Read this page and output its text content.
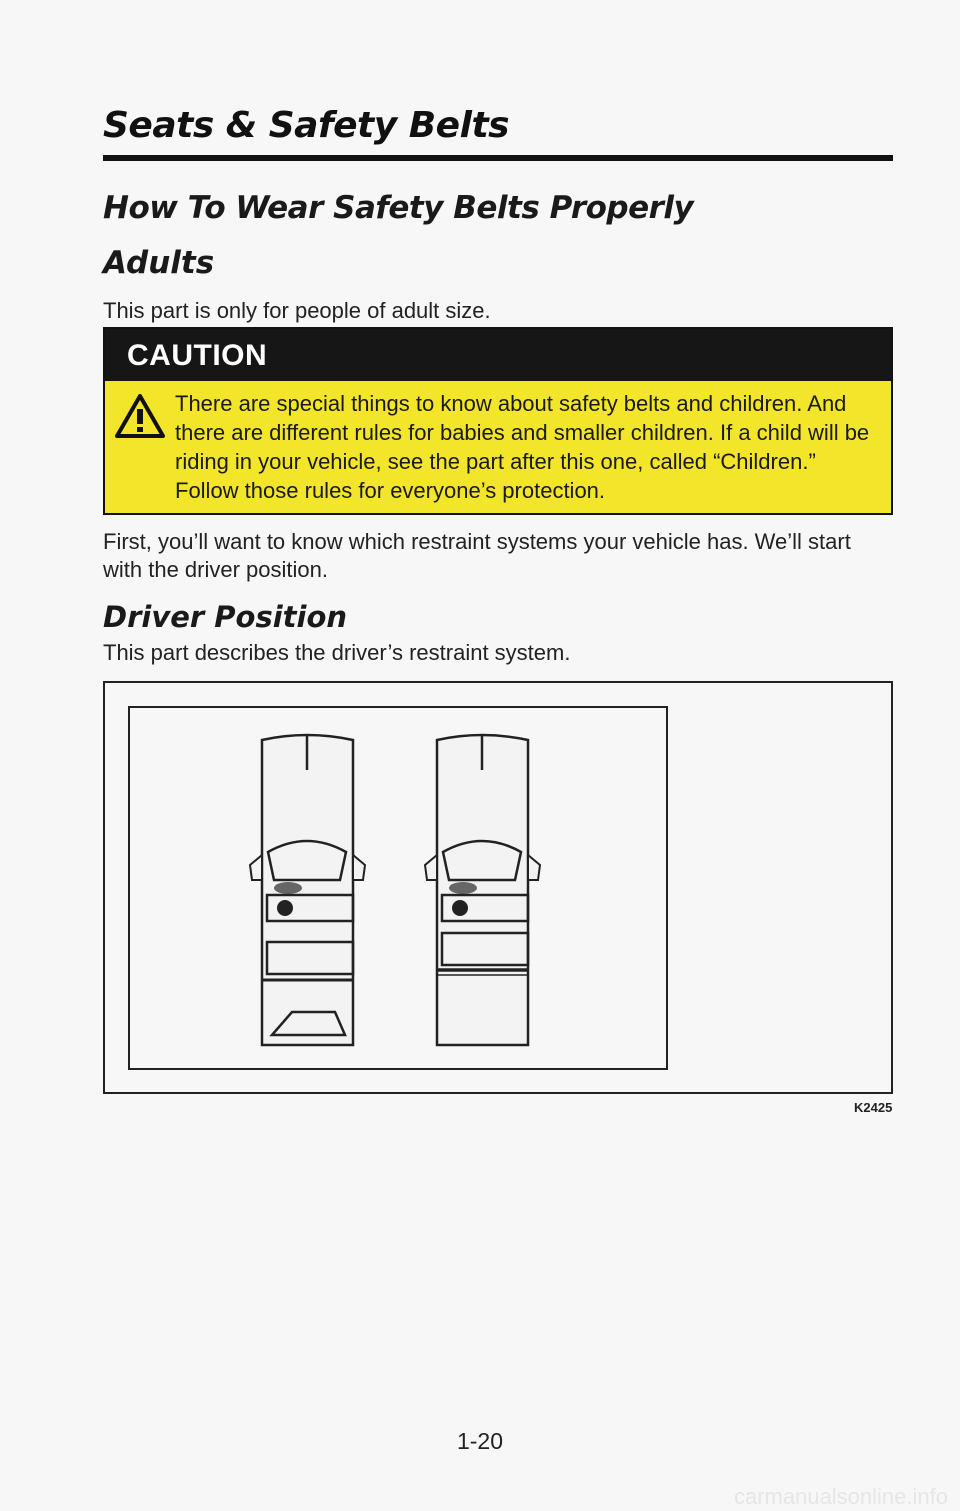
Seats & Safety Belts
How To Wear Safety Belts Properly
Adults
This part is only for people of adult size.
CAUTION
There are special things to know about safety belts and children. And there are different rules for babies and smaller children. If a child will be riding in your vehicle, see the part after this one, called “Children.” Follow those rules for everyone’s protection.
First, you’ll want to know which restraint systems your vehicle has. We’ll start with the driver position.
Driver Position
This part describes the driver’s restraint system.
K2425
1-20
carmanualsonline.info
